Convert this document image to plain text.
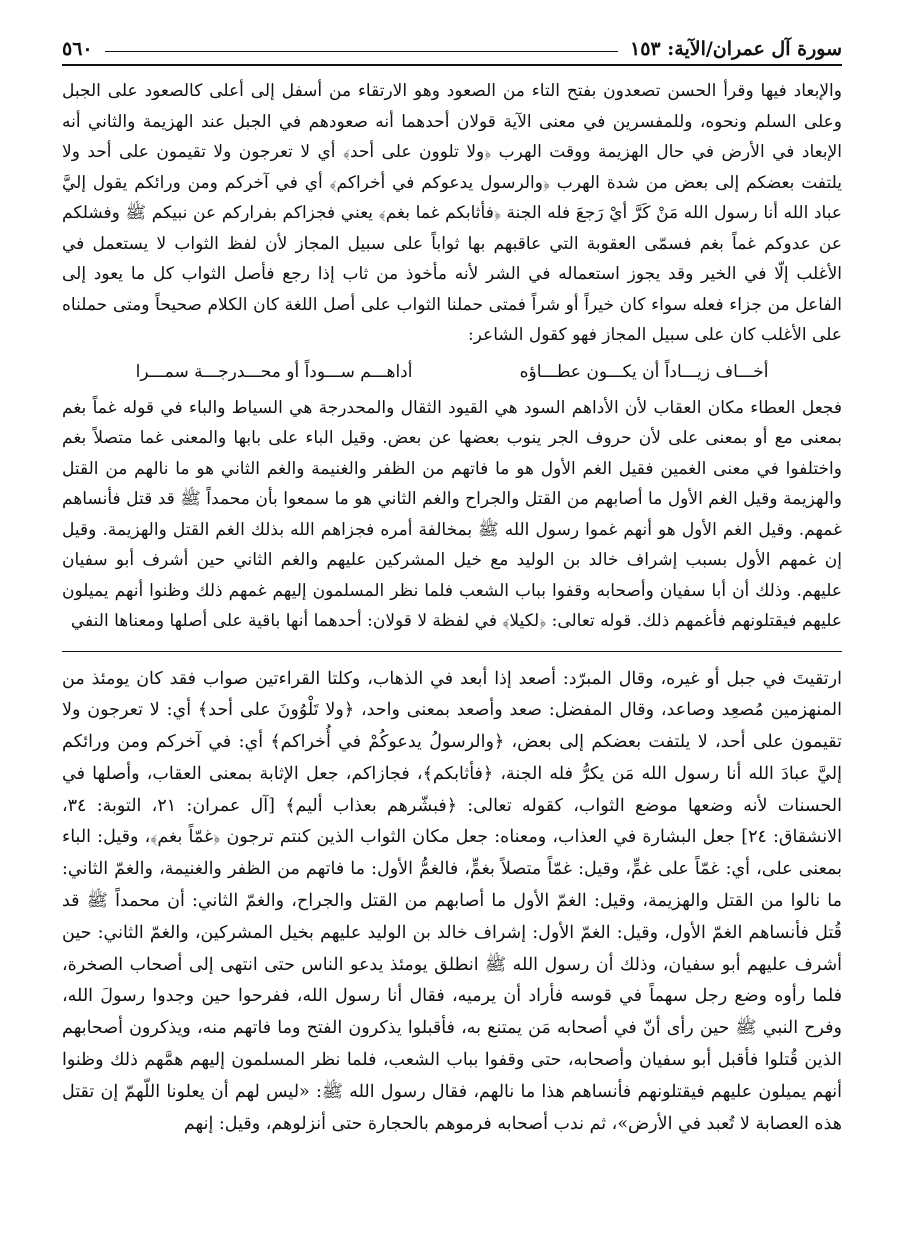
سورة آل عمران/الآية: ١٥٣
٥٦٠

والإبعاد فيها وقرأ الحسن تصعدون بفتح التاء من الصعود وهو الارتقاء من أسفل إلى أعلى كالصعود على الجبل وعلى السلم ونحوه، وللمفسرين في معنى الآية قولان أحدهما أنه صعودهم في الجبل عند الهزيمة والثاني أنه الإبعاد في الأرض في حال الهزيمة ووقت الهرب ﴿ولا تلوون على أحد﴾ أي لا تعرجون ولا تقيمون على أحد ولا يلتفت بعضكم إلى بعض من شدة الهرب ﴿والرسول يدعوكم في أخراكم﴾ أي في آخركم ومن ورائكم يقول إليَّ عباد الله أنا رسول الله مَنْ كَرَّ أيْ رَجعَ فله الجنة ﴿فأثابكم غما بغم﴾ يعني فجزاكم بفراركم عن نبيكم ﷺ وفشلكم عن عدوكم غماً بغم فسمّى العقوبة التي عاقبهم بها ثواباً على سبيل المجاز لأن لفظ الثواب لا يستعمل في الأغلب إلّا في الخير وقد يجوز استعماله في الشر لأنه مأخوذ من ثاب إذا رجع فأصل الثواب كل ما يعود إلى الفاعل من جزاء فعله سواء كان خيراً أو شراً فمتى حملنا الثواب على أصل اللغة كان الكلام صحيحاً ومتى حملناه على الأغلب كان على سبيل المجاز فهو كقول الشاعر:

أخـــاف زيـــاداً أن يكـــون عطـــاؤه
أداهـــم ســـوداً أو محـــدرجـــة سمـــرا

فجعل العطاء مكان العقاب لأن الأداهم السود هي القيود الثقال والمحدرجة هي السياط والباء في قوله غماً بغم بمعنى مع أو بمعنى على لأن حروف الجر ينوب بعضها عن بعض. وقيل الباء على بابها والمعنى غما متصلاً بغم واختلفوا في معنى الغمين فقيل الغم الأول هو ما فاتهم من الظفر والغنيمة والغم الثاني هو ما نالهم من القتل والهزيمة وقيل الغم الأول ما أصابهم من القتل والجراح والغم الثاني هو ما سمعوا بأن محمداً ﷺ قد قتل فأنساهم غمهم. وقيل الغم الأول هو أنهم غموا رسول الله ﷺ بمخالفة أمره فجزاهم الله بذلك الغم القتل والهزيمة. وقيل إن غمهم الأول بسبب إشراف خالد بن الوليد مع خيل المشركين عليهم والغم الثاني حين أشرف أبو سفيان عليهم. وذلك أن أبا سفيان وأصحابه وقفوا بباب الشعب فلما نظر المسلمون إليهم غمهم ذلك وظنوا أنهم يميلون عليهم فيقتلونهم فأغمهم ذلك. قوله تعالى: ﴿لكيلا﴾ في لفظة لا قولان: أحدهما أنها باقية على أصلها ومعناها النفي

ارتقيتَ في جبل أو غيره، وقال المبرّد: أصعد إذا أبعد في الذهاب، وكلتا القراءتين صواب فقد كان يومئذ من المنهزمين مُصعِد وصاعد، وقال المفضل: صعد وأصعد بمعنى واحد، ﴿ولا تَلْوُونَ على أحد﴾ أي: لا تعرجون ولا تقيمون على أحد، لا يلتفت بعضكم إلى بعض، ﴿والرسولُ يدعوكُمْ في أُخراكم﴾ أي: في آخركم ومن ورائكم إليَّ عبادَ الله أنا رسول الله مَن يكرُّ فله الجنة، ﴿فأثابكم﴾، فجازاكم، جعل الإثابة بمعنى العقاب، وأصلها في الحسنات لأنه وضعها موضع الثواب، كقوله تعالى: ﴿فبشّرهم بعذاب أليم﴾ [آل عمران: ٢١، التوبة: ٣٤، الانشقاق: ٢٤] جعل البشارة في العذاب، ومعناه: جعل مكان الثواب الذين كنتم ترجون ﴿غمّاً بغم﴾، وقيل: الباء بمعنى على، أي: غمّاً على غمٍّ، وقيل: غمّاً متصلاً بغمٍّ، فالغمُّ الأول: ما فاتهم من الظفر والغنيمة، والغمّ الثاني: ما نالوا من القتل والهزيمة، وقيل: الغمّ الأول ما أصابهم من القتل والجراح، والغمّ الثاني: أن محمداً ﷺ قد قُتل فأنساهم الغمّ الأول، وقيل: الغمّ الأول: إشراف خالد بن الوليد عليهم بخيل المشركين، والغمّ الثاني: حين أشرف عليهم أبو سفيان، وذلك أن رسول الله ﷺ انطلق يومئذ يدعو الناس حتى انتهى إلى أصحاب الصخرة، فلما رأوه وضع رجل سهماً في قوسه فأراد أن يرميه، فقال أنا رسول الله، ففرحوا حين وجدوا رسولَ الله، وفرح النبي ﷺ حين رأى أنّ في أصحابه مَن يمتنع به، فأقبلوا يذكرون الفتح وما فاتهم منه، ويذكرون أصحابهم الذين قُتلوا فأقبل أبو سفيان وأصحابه، حتى وقفوا بباب الشعب، فلما نظر المسلمون إليهم همَّهم ذلك وظنوا أنهم يميلون عليهم فيقتلونهم فأنساهم هذا ما نالهم، فقال رسول الله ﷺ: «ليس لهم أن يعلونا اللّهمّ إن تقتل هذه العصابة لا تُعبد في الأرض»، ثم ندب أصحابه فرموهم بالحجارة حتى أنزلوهم، وقيل: إنهم
